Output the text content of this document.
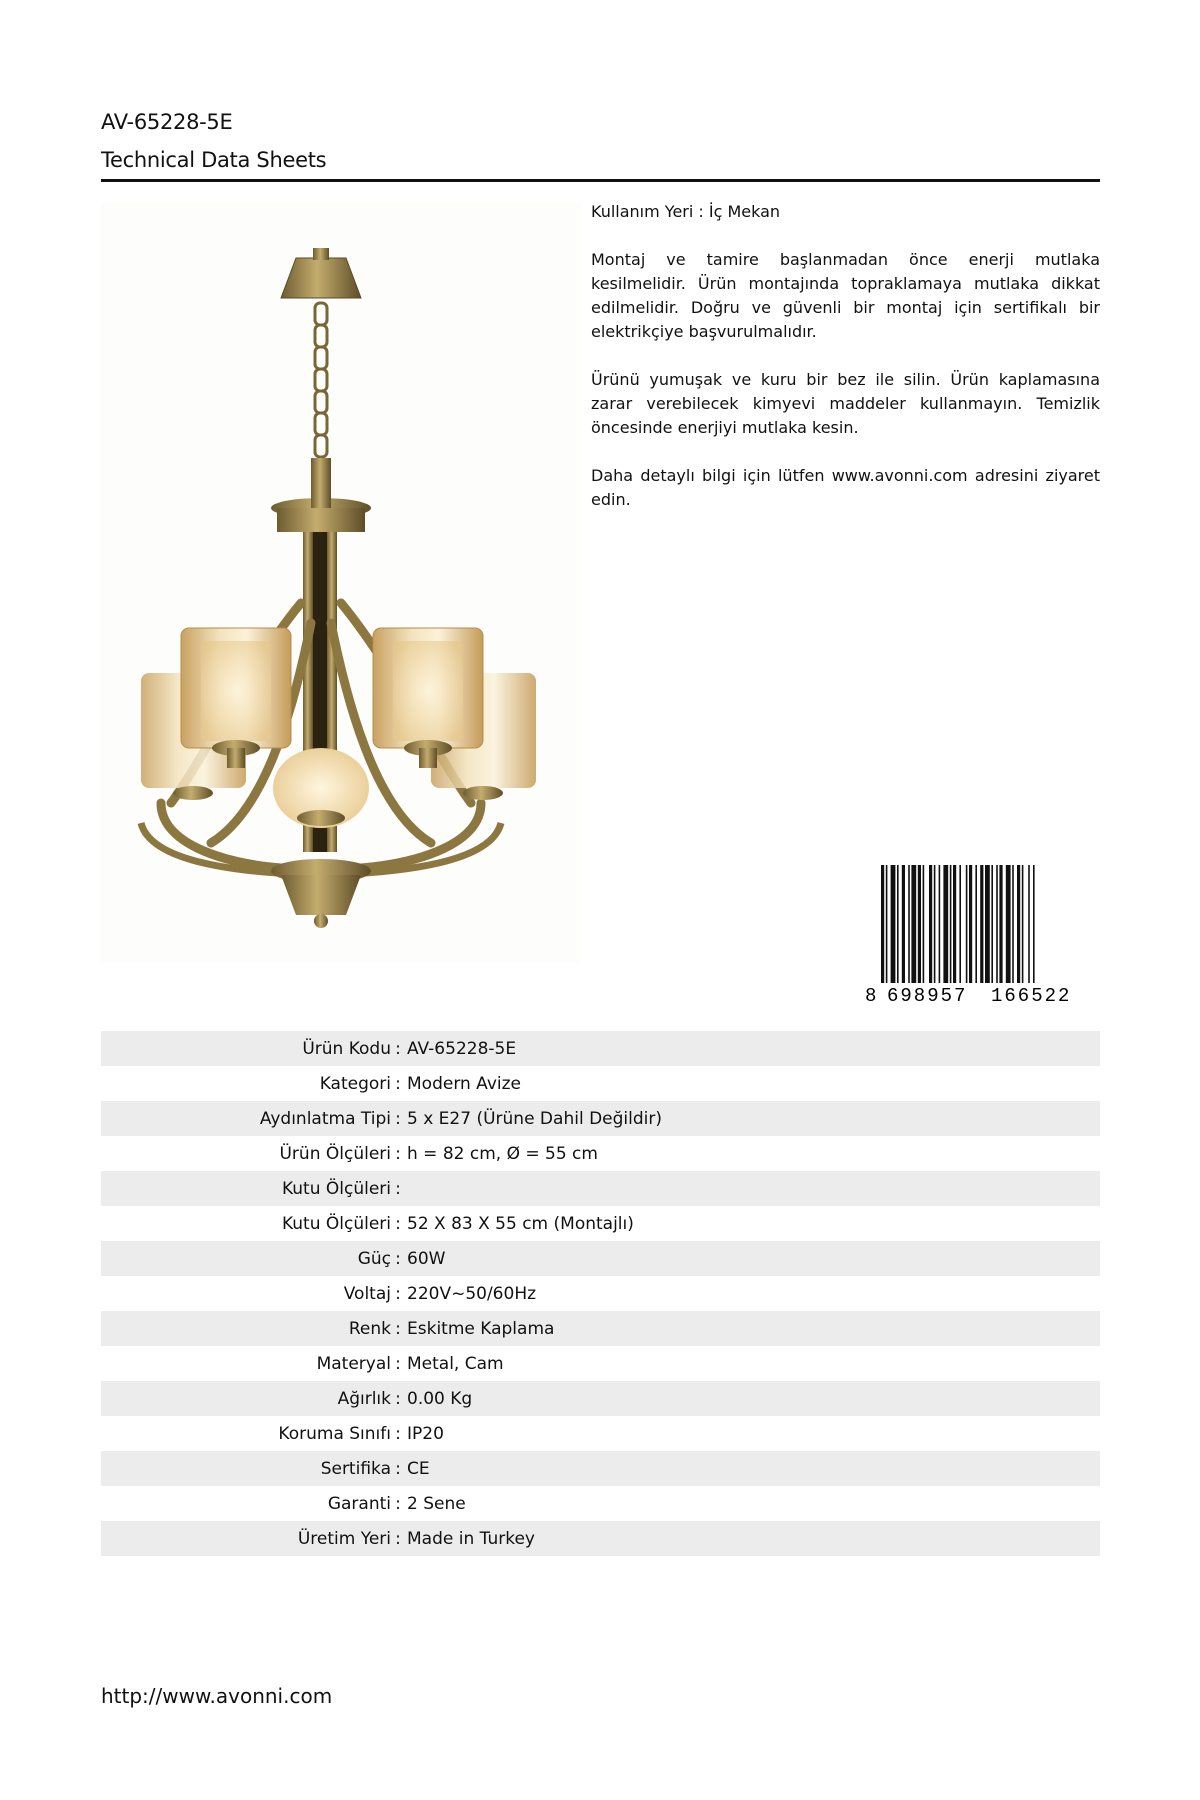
AV-65228-5E
Technical Data Sheets

Kullanım Yeri : İç Mekan

Montaj ve tamire başlanmadan önce enerji mutlaka kesilmelidir. Ürün montajında topraklamaya mutlaka dikkat edilmelidir. Doğru ve güvenli bir montaj için sertifikalı bir elektrikçiye başvurulmalıdır.

Ürünü yumuşak ve kuru bir bez ile silin. Ürün kaplamasına zarar verebilecek kimyevi maddeler kullanmayın. Temizlik öncesinde enerjiyi mutlaka kesin.

Daha detaylı bilgi için lütfen www.avonni.com adresini ziyaret edin.

8 698957 166522
Ürün Kodu : AV-65228-5E
Kategori : Modern Avize
Aydınlatma Tipi : 5 x E27 (Ürüne Dahil Değildir)
Ürün Ölçüleri : h = 82 cm, Ø = 55 cm
Kutu Ölçüleri :
Kutu Ölçüleri : 52 X 83 X 55 cm (Montajlı)
Güç : 60W
Voltaj : 220V~50/60Hz
Renk : Eskitme Kaplama
Materyal : Metal, Cam
Ağırlık : 0.00 Kg
Koruma Sınıfı : IP20
Sertifika : CE
Garanti : 2 Sene
Üretim Yeri : Made in Turkey
http://www.avonni.com
